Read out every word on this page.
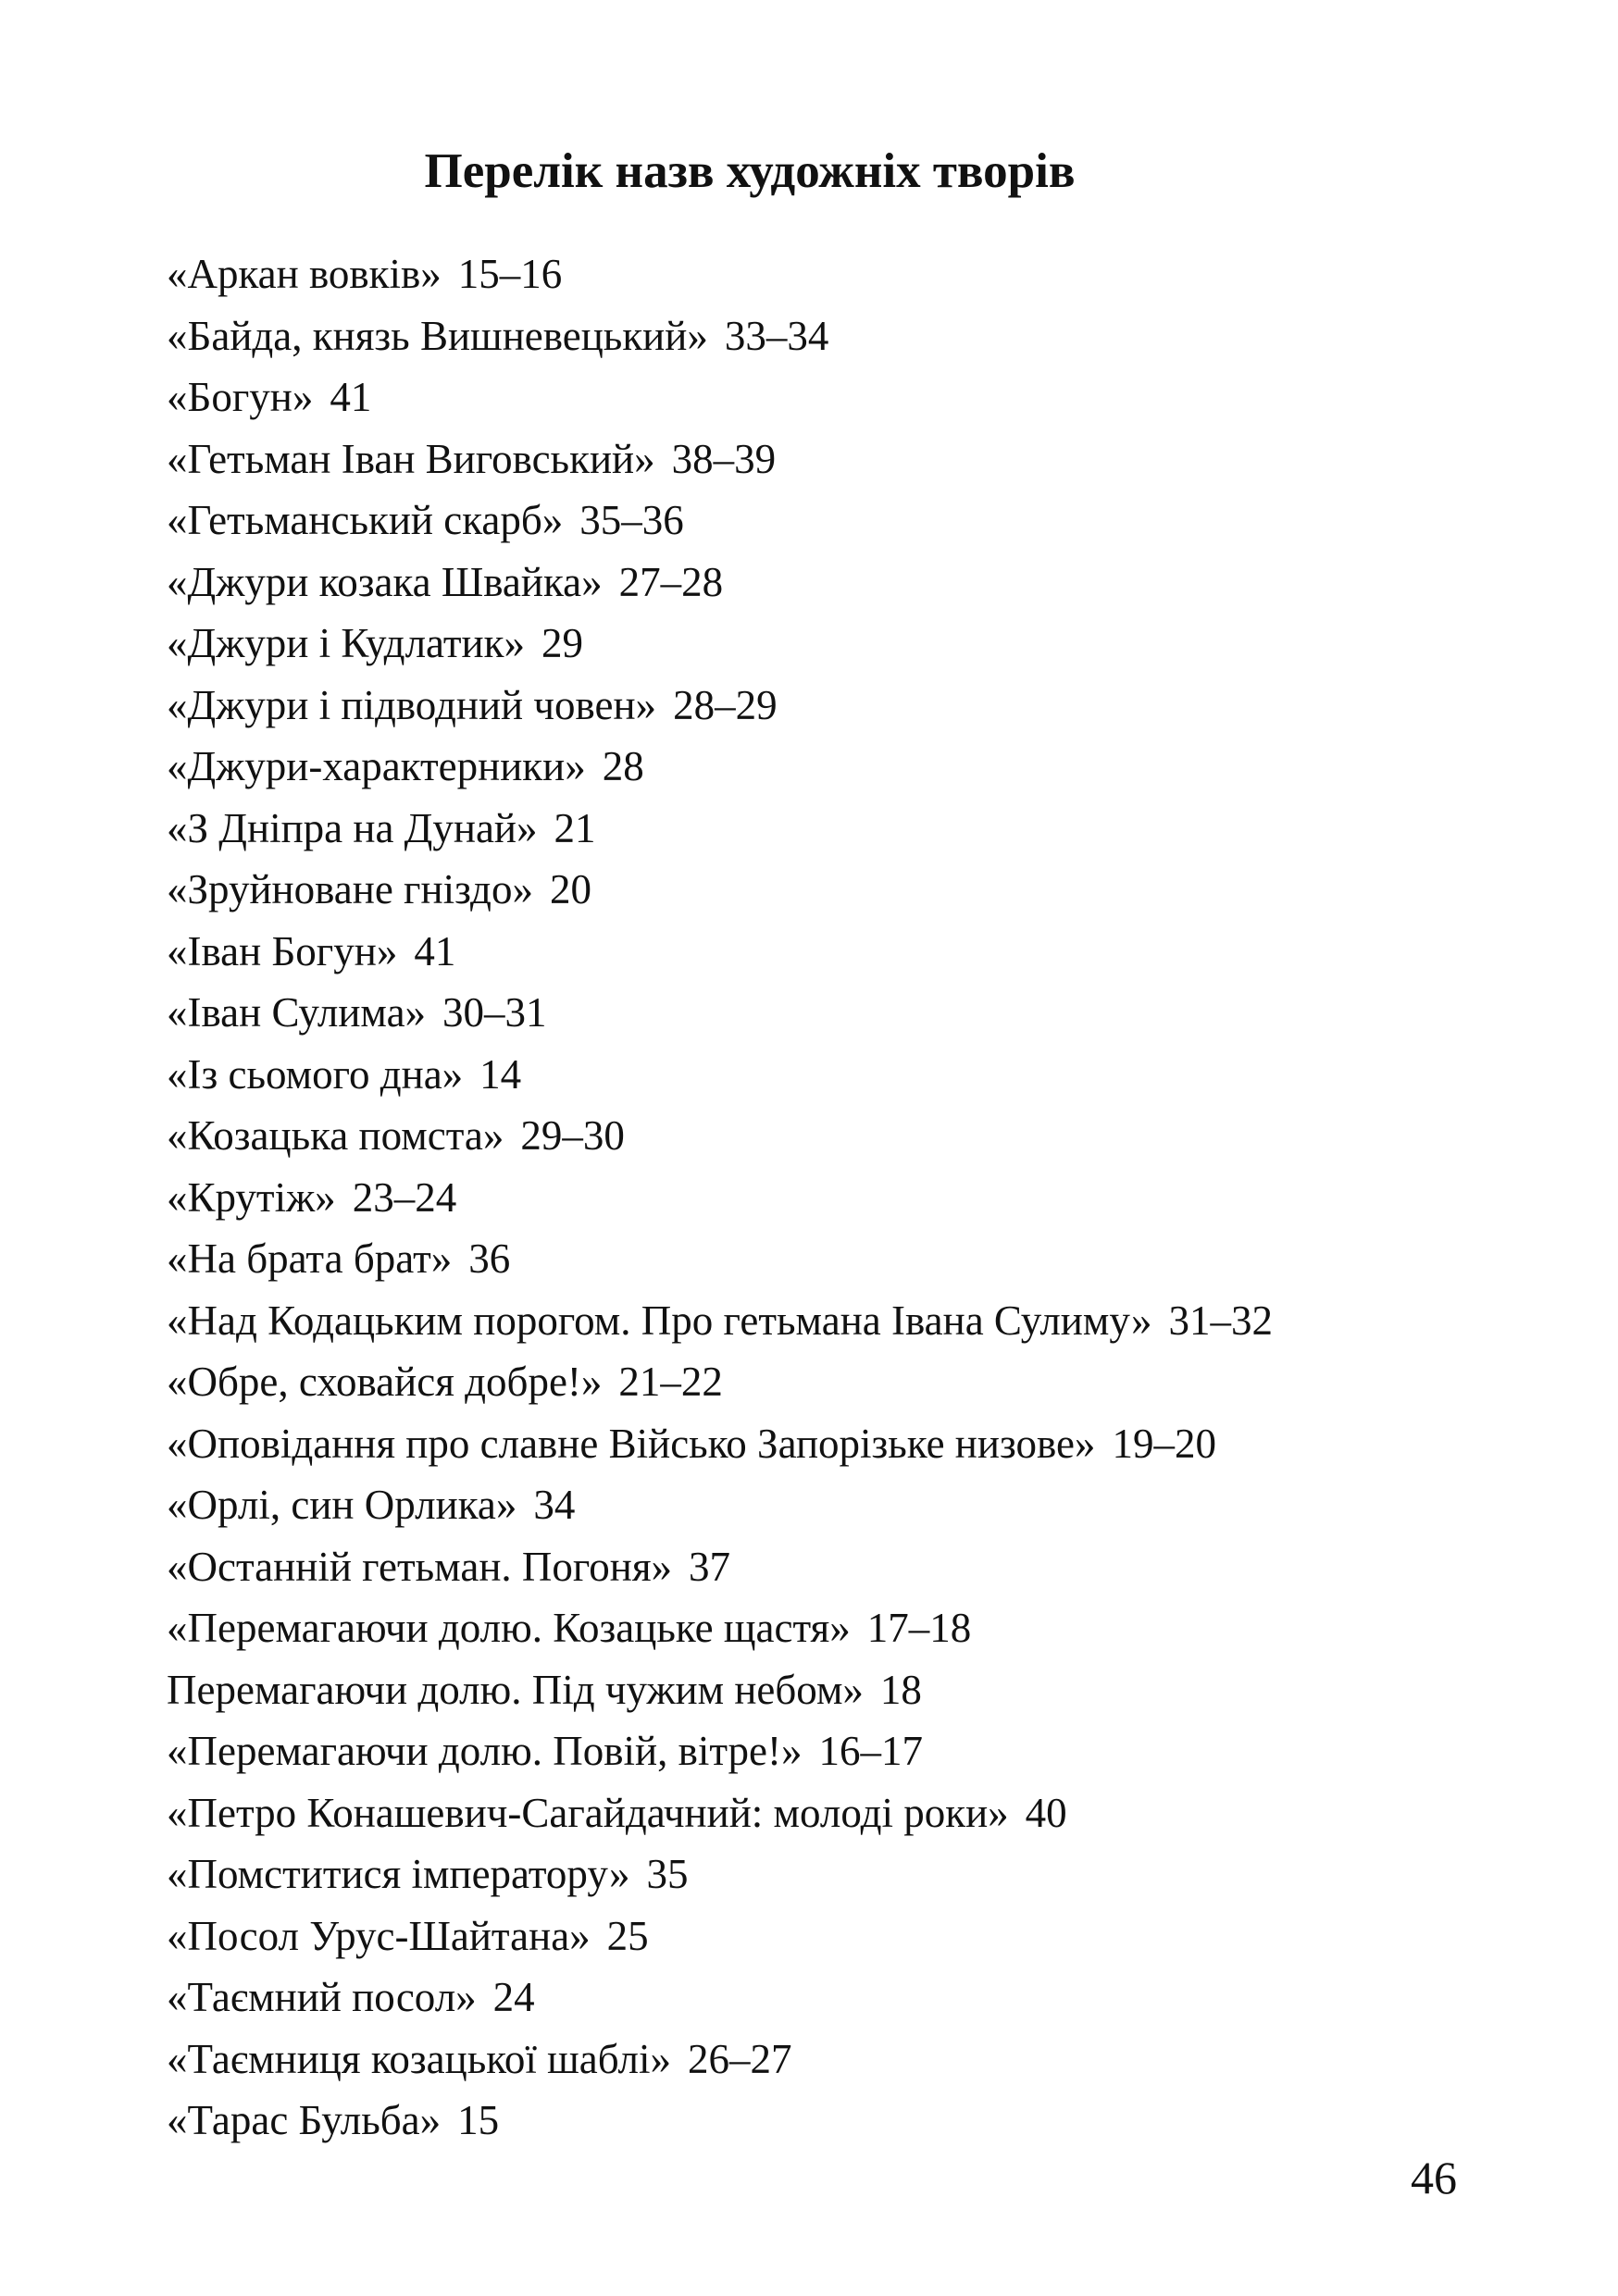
Перелік назв художніх творів
«Аркан вовків» 15–16
«Байда, князь Вишневецький» 33–34
«Богун» 41
«Гетьман Іван Виговський» 38–39
«Гетьманський скарб» 35–36
«Джури козака Швайка» 27–28
«Джури і Кудлатик» 29
«Джури і підводний човен» 28–29
«Джури-характерники» 28
«З Дніпра на Дунай» 21
«Зруйноване гніздо» 20
«Іван Богун» 41
«Іван Сулима» 30–31
«Із сьомого дна» 14
«Козацька помста» 29–30
«Крутіж» 23–24
«На брата брат» 36
«Над Кодацьким порогом. Про гетьмана Івана Сулиму» 31–32
«Обре, сховайся добре!» 21–22
«Оповідання про славне Військо Запорізьке низове» 19–20
«Орлі, син Орлика» 34
«Останній гетьман. Погоня» 37
«Перемагаючи долю. Козацьке щастя» 17–18
Перемагаючи долю. Під чужим небом» 18
«Перемагаючи долю. Повій, вітре!» 16–17
«Петро Конашевич-Сагайдачний: молоді роки» 40
«Помститися імператору» 35
«Посол Урус-Шайтана» 25
«Таємний посол» 24
«Таємниця козацької шаблі» 26–27
«Тарас Бульба» 15
46
